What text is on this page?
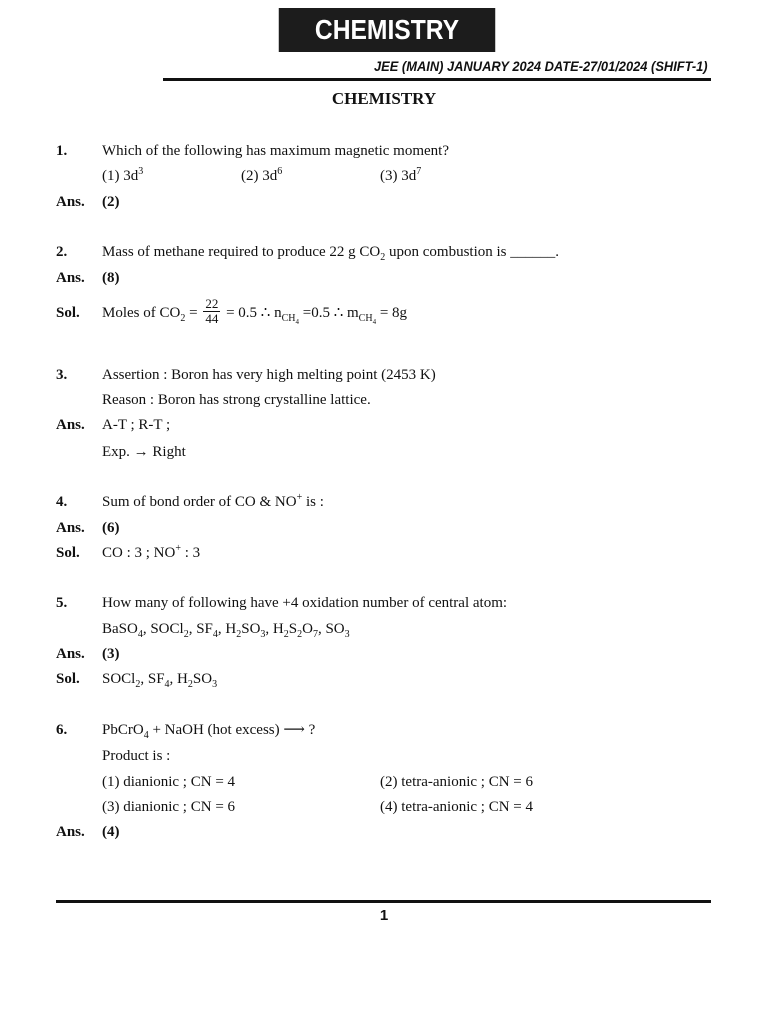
CHEMISTRY
JEE (MAIN) JANUARY 2024 DATE-27/01/2024 (SHIFT-1)
CHEMISTRY
1. Which of the following has maximum magnetic moment?
(1) $3d^3$	(2) $3d^6$	(3) $3d^7$
Ans. (2)
2. Mass of methane required to produce 22 g $CO_2$ upon combustion is ______.
Ans. (8)
Sol. Moles of $CO_2 = \frac{22}{44} = 0.5$ ∴ $n_{CH_4} =0.5$ ∴ $m_{CH_4} = 8g$
3. Assertion : Boron has very high melting point (2453 K)
Reason : Boron has strong crystalline lattice.
Ans. A-T ; R-T ;
Exp. → Right
4. Sum of bond order of CO & NO+ is :
Ans. (6)
Sol. CO : 3 ; NO+ : 3
5. How many of following have +4 oxidation number of central atom:
BaSO$_4$, SOCl$_2$, $SF_4$, $H_2SO_3$, $H_2S_2O_7$, $SO_3$
Ans. (3)
Sol. SOCl$_2$, $SF_4$, $H_2SO_3$
6. PbCrO$_4$ + NaOH (hot excess) ⟶ ?
Product is :
(1) dianionic ; CN = 4	(2) tetra-anionic ; CN = 6
(3) dianionic ; CN = 6	(4) tetra-anionic ; CN = 4
Ans. (4)
1
